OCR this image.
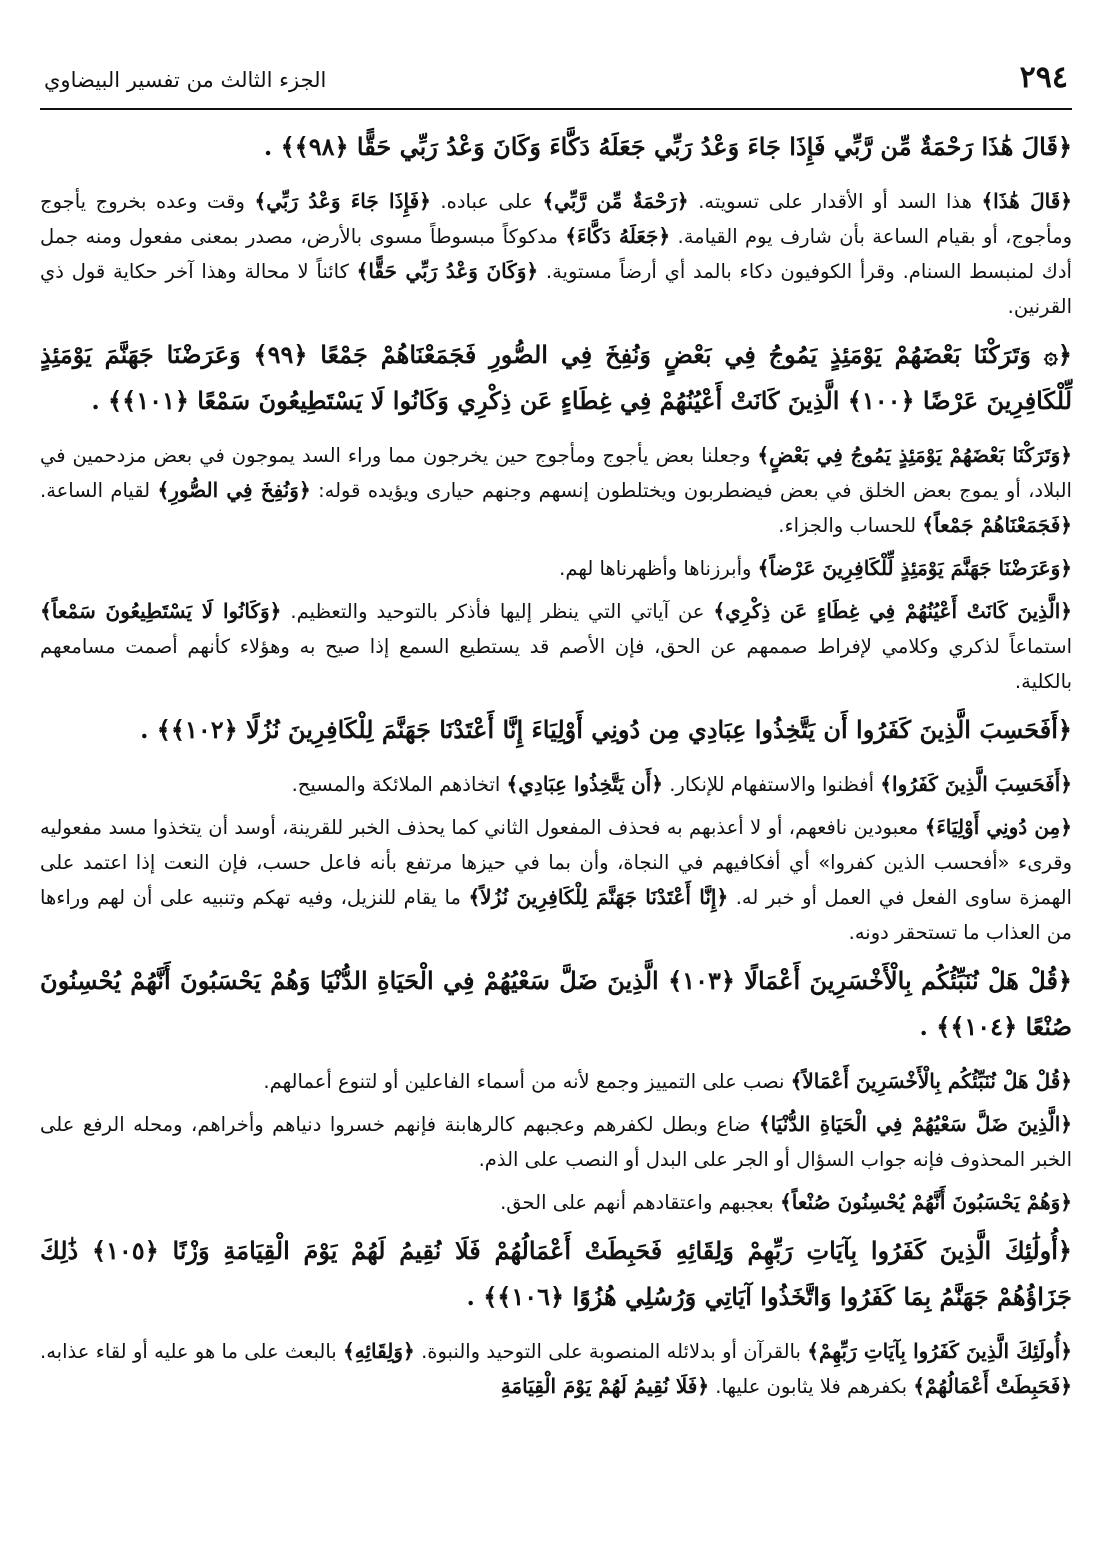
٢٩٤
الجزء الثالث من تفسير البيضاوي

﴿قَالَ هَٰذَا رَحْمَةٌ مِّن رَّبِّي فَإِذَا جَاءَ وَعْدُ رَبِّي جَعَلَهُ دَكَّاءَ وَكَانَ وَعْدُ رَبِّي حَقًّا ﴿٩٨﴾﴾ .

﴿قَالَ هَٰذَا﴾ هذا السد أو الأقدار على تسويته. ﴿رَحْمَةٌ مِّن رَّبِّي﴾ على عباده. ﴿فَإِذَا جَاءَ وَعْدُ رَبِّي﴾ وقت وعده بخروج يأجوج ومأجوج، أو بقيام الساعة بأن شارف يوم القيامة. ﴿جَعَلَهُ دَكَّاءَ﴾ مدكوكاً مبسوطاً مسوى بالأرض، مصدر بمعنى مفعول ومنه جمل أدك لمنبسط السنام. وقرأ الكوفيون دكاء بالمد أي أرضاً مستوية. ﴿وَكَانَ وَعْدُ رَبِّي حَقًّا﴾ كائناً لا محالة وهذا آخر حكاية قول ذي القرنين.

﴿۞ وَتَرَكْنَا بَعْضَهُمْ يَوْمَئِذٍ يَمُوجُ فِي بَعْضٍ وَنُفِخَ فِي الصُّورِ فَجَمَعْنَاهُمْ جَمْعًا ﴿٩٩﴾ وَعَرَضْنَا جَهَنَّمَ يَوْمَئِذٍ لِّلْكَافِرِينَ عَرْضًا ﴿١٠٠﴾ الَّذِينَ كَانَتْ أَعْيُنُهُمْ فِي غِطَاءٍ عَن ذِكْرِي وَكَانُوا لَا يَسْتَطِيعُونَ سَمْعًا ﴿١٠١﴾﴾ .

﴿وَتَرَكْنَا بَعْضَهُمْ يَوْمَئِذٍ يَمُوجُ فِي بَعْضٍ﴾ وجعلنا بعض يأجوج ومأجوج حين يخرجون مما وراء السد يموجون في بعض مزدحمين في البلاد، أو يموج بعض الخلق في بعض فيضطربون ويختلطون إنسهم وجنهم حيارى ويؤيده قوله: ﴿وَنُفِخَ فِي الصُّورِ﴾ لقيام الساعة. ﴿فَجَمَعْنَاهُمْ جَمْعاً﴾ للحساب والجزاء.

﴿وَعَرَضْنَا جَهَنَّمَ يَوْمَئِذٍ لِّلْكَافِرِينَ عَرْضاً﴾ وأبرزناها وأظهرناها لهم.

﴿الَّذِينَ كَانَتْ أَعْيُنُهُمْ فِي غِطَاءٍ عَن ذِكْرِي﴾ عن آياتي التي ينظر إليها فأذكر بالتوحيد والتعظيم. ﴿وَكَانُوا لَا يَسْتَطِيعُونَ سَمْعاً﴾ استماعاً لذكري وكلامي لإفراط صممهم عن الحق، فإن الأصم قد يستطيع السمع إذا صيح به وهؤلاء كأنهم أصمت مسامعهم بالكلية.

﴿أَفَحَسِبَ الَّذِينَ كَفَرُوا أَن يَتَّخِذُوا عِبَادِي مِن دُونِي أَوْلِيَاءَ إِنَّا أَعْتَدْنَا جَهَنَّمَ لِلْكَافِرِينَ نُزُلًا ﴿١٠٢﴾﴾ .

﴿أَفَحَسِبَ الَّذِينَ كَفَرُوا﴾ أفظنوا والاستفهام للإنكار. ﴿أَن يَتَّخِذُوا عِبَادِي﴾ اتخاذهم الملائكة والمسيح.

﴿مِن دُونِي أَوْلِيَاءَ﴾ معبودين نافعهم، أو لا أعذبهم به فحذف المفعول الثاني كما يحذف الخبر للقرينة، أوسد أن يتخذوا مسد مفعوليه وقرىء «أفحسب الذين كفروا» أي أفكافيهم في النجاة، وأن بما في حيزها مرتفع بأنه فاعل حسب، فإن النعت إذا اعتمد على الهمزة ساوى الفعل في العمل أو خبر له. ﴿إِنَّا أَعْتَدْنَا جَهَنَّمَ لِلْكَافِرِينَ نُزُلاً﴾ ما يقام للنزيل، وفيه تهكم وتنبيه على أن لهم وراءها من العذاب ما تستحقر دونه.

﴿قُلْ هَلْ نُنَبِّئُكُم بِالْأَخْسَرِينَ أَعْمَالًا ﴿١٠٣﴾ الَّذِينَ ضَلَّ سَعْيُهُمْ فِي الْحَيَاةِ الدُّنْيَا وَهُمْ يَحْسَبُونَ أَنَّهُمْ يُحْسِنُونَ صُنْعًا ﴿١٠٤﴾﴾ .

﴿قُلْ هَلْ نُنَبِّئُكُم بِالْأَخْسَرِينَ أَعْمَالاً﴾ نصب على التمييز وجمع لأنه من أسماء الفاعلين أو لتنوع أعمالهم.

﴿الَّذِينَ ضَلَّ سَعْيُهُمْ فِي الْحَيَاةِ الدُّنْيَا﴾ ضاع وبطل لكفرهم وعجبهم كالرهابنة فإنهم خسروا دنياهم وأخراهم، ومحله الرفع على الخبر المحذوف فإنه جواب السؤال أو الجر على البدل أو النصب على الذم.

﴿وَهُمْ يَحْسَبُونَ أَنَّهُمْ يُحْسِنُونَ صُنْعاً﴾ بعجبهم واعتقادهم أنهم على الحق.

﴿أُولَٰئِكَ الَّذِينَ كَفَرُوا بِآيَاتِ رَبِّهِمْ وَلِقَائِهِ فَحَبِطَتْ أَعْمَالُهُمْ فَلَا نُقِيمُ لَهُمْ يَوْمَ الْقِيَامَةِ وَزْنًا ﴿١٠٥﴾ ذَٰلِكَ جَزَاؤُهُمْ جَهَنَّمُ بِمَا كَفَرُوا وَاتَّخَذُوا آيَاتِي وَرُسُلِي هُزُوًا ﴿١٠٦﴾﴾ .

﴿أُولَئِكَ الَّذِينَ كَفَرُوا بِآيَاتِ رَبِّهِمْ﴾ بالقرآن أو بدلائله المنصوبة على التوحيد والنبوة. ﴿وَلِقَائِهِ﴾ بالبعث على ما هو عليه أو لقاء عذابه. ﴿فَحَبِطَتْ أَعْمَالُهُمْ﴾ بكفرهم فلا يثابون عليها. ﴿فَلَا نُقِيمُ لَهُمْ يَوْمَ الْقِيَامَةِ
